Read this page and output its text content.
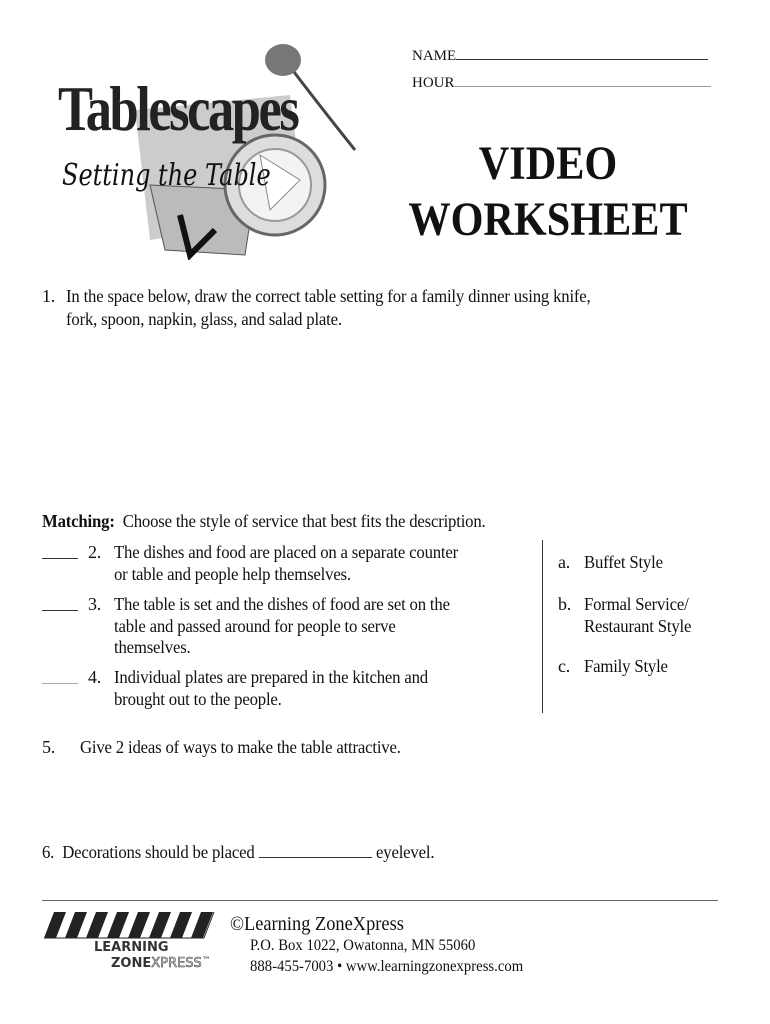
Tablescapes
Setting the Table
NAME
HOUR
VIDEO
WORKSHEET
1. In the space below, draw the correct table setting for a family dinner using knife,
fork, spoon, napkin, glass, and salad plate.
Matching: Choose the style of service that best fits the description.
2. The dishes and food are placed on a separate counter
or table and people help themselves.
3. The table is set and the dishes of food are set on the
table and passed around for people to serve
themselves.
4. Individual plates are prepared in the kitchen and
brought out to the people.
a. Buffet Style
b. Formal Service/
Restaurant Style
c. Family Style
5. Give 2 ideas of ways to make the table attractive.
6. Decorations should be placed	eyelevel.
LEARNING
ZONEXPRESS™
©Learning ZoneXpress
P.O. Box 1022, Owatonna, MN 55060
888-455-7003 • www.learningzonexpress.com
